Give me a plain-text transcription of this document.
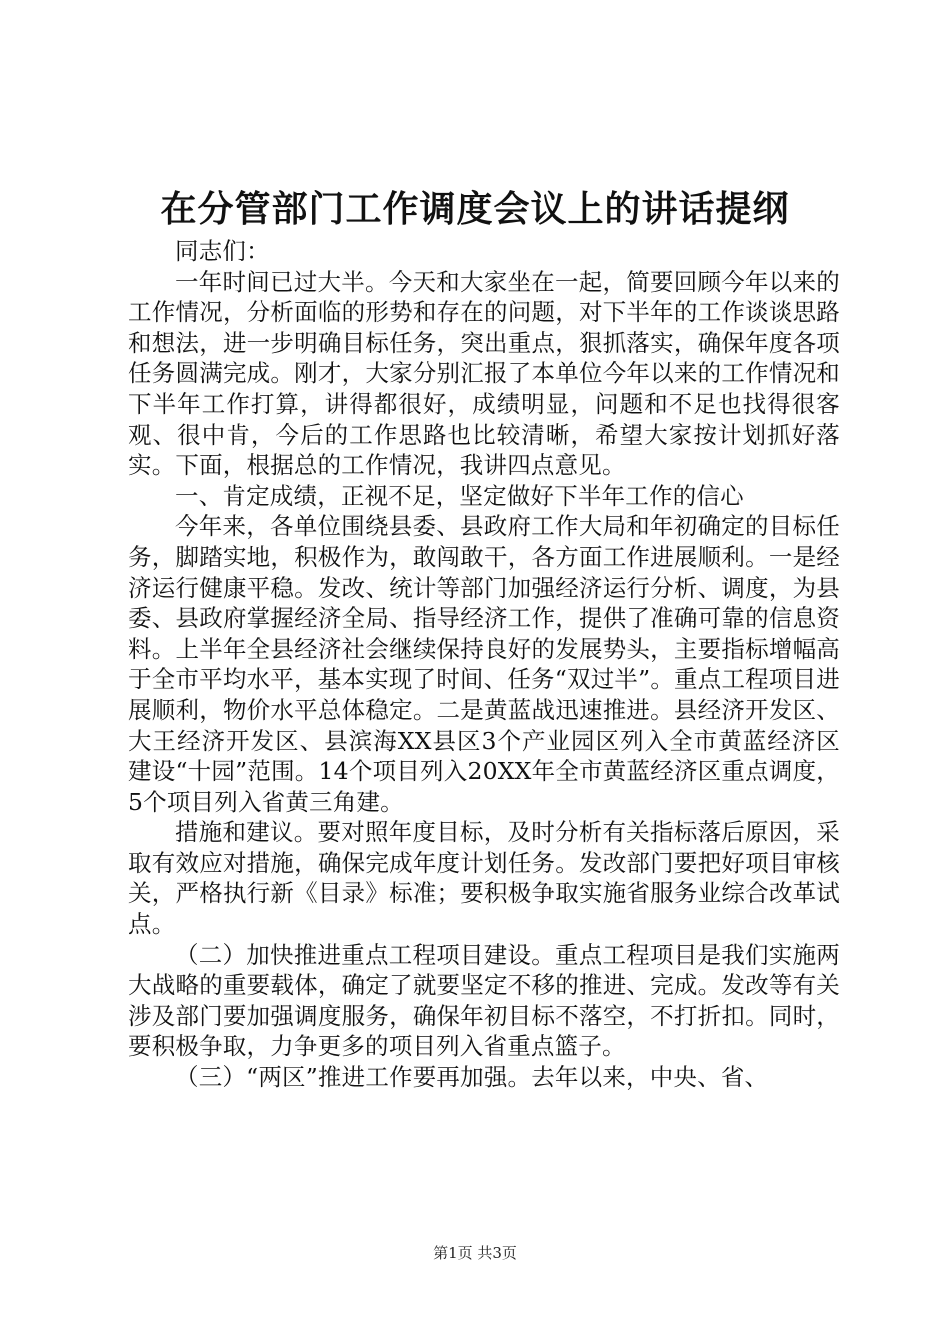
在分管部门工作调度会议上的讲话提纲

同志们：

一年时间已过大半。今天和大家坐在一起，简要回顾今年以来的工作情况，分析面临的形势和存在的问题，对下半年的工作谈谈思路和想法，进一步明确目标任务，突出重点，狠抓落实，确保年度各项任务圆满完成。刚才，大家分别汇报了本单位今年以来的工作情况和下半年工作打算，讲得都很好，成绩明显，问题和不足也找得很客观、很中肯，今后的工作思路也比较清晰，希望大家按计划抓好落实。下面，根据总的工作情况，我讲四点意见。

一、肯定成绩，正视不足，坚定做好下半年工作的信心

今年来，各单位围绕县委、县政府工作大局和年初确定的目标任务，脚踏实地，积极作为，敢闯敢干，各方面工作进展顺利。一是经济运行健康平稳。发改、统计等部门加强经济运行分析、调度，为县委、县政府掌握经济全局、指导经济工作，提供了准确可靠的信息资料。上半年全县经济社会继续保持良好的发展势头，主要指标增幅高于全市平均水平，基本实现了时间、任务“双过半”。重点工程项目进展顺利，物价水平总体稳定。二是黄蓝战迅速推进。县经济开发区、大王经济开发区、县滨海XX县区3个产业园区列入全市黄蓝经济区建设“十园”范围。14个项目列入20XX年全市黄蓝经济区重点调度，5个项目列入省黄三角建。

措施和建议。要对照年度目标，及时分析有关指标落后原因，采取有效应对措施，确保完成年度计划任务。发改部门要把好项目审核关，严格执行新《目录》标准；要积极争取实施省服务业综合改革试点。

（二）加快推进重点工程项目建设。重点工程项目是我们实施两大战略的重要载体，确定了就要坚定不移的推进、完成。发改等有关涉及部门要加强调度服务，确保年初目标不落空，不打折扣。同时，要积极争取，力争更多的项目列入省重点篮子。

（三）“两区”推进工作要再加强。去年以来，中央、省、

第1页 共3页
